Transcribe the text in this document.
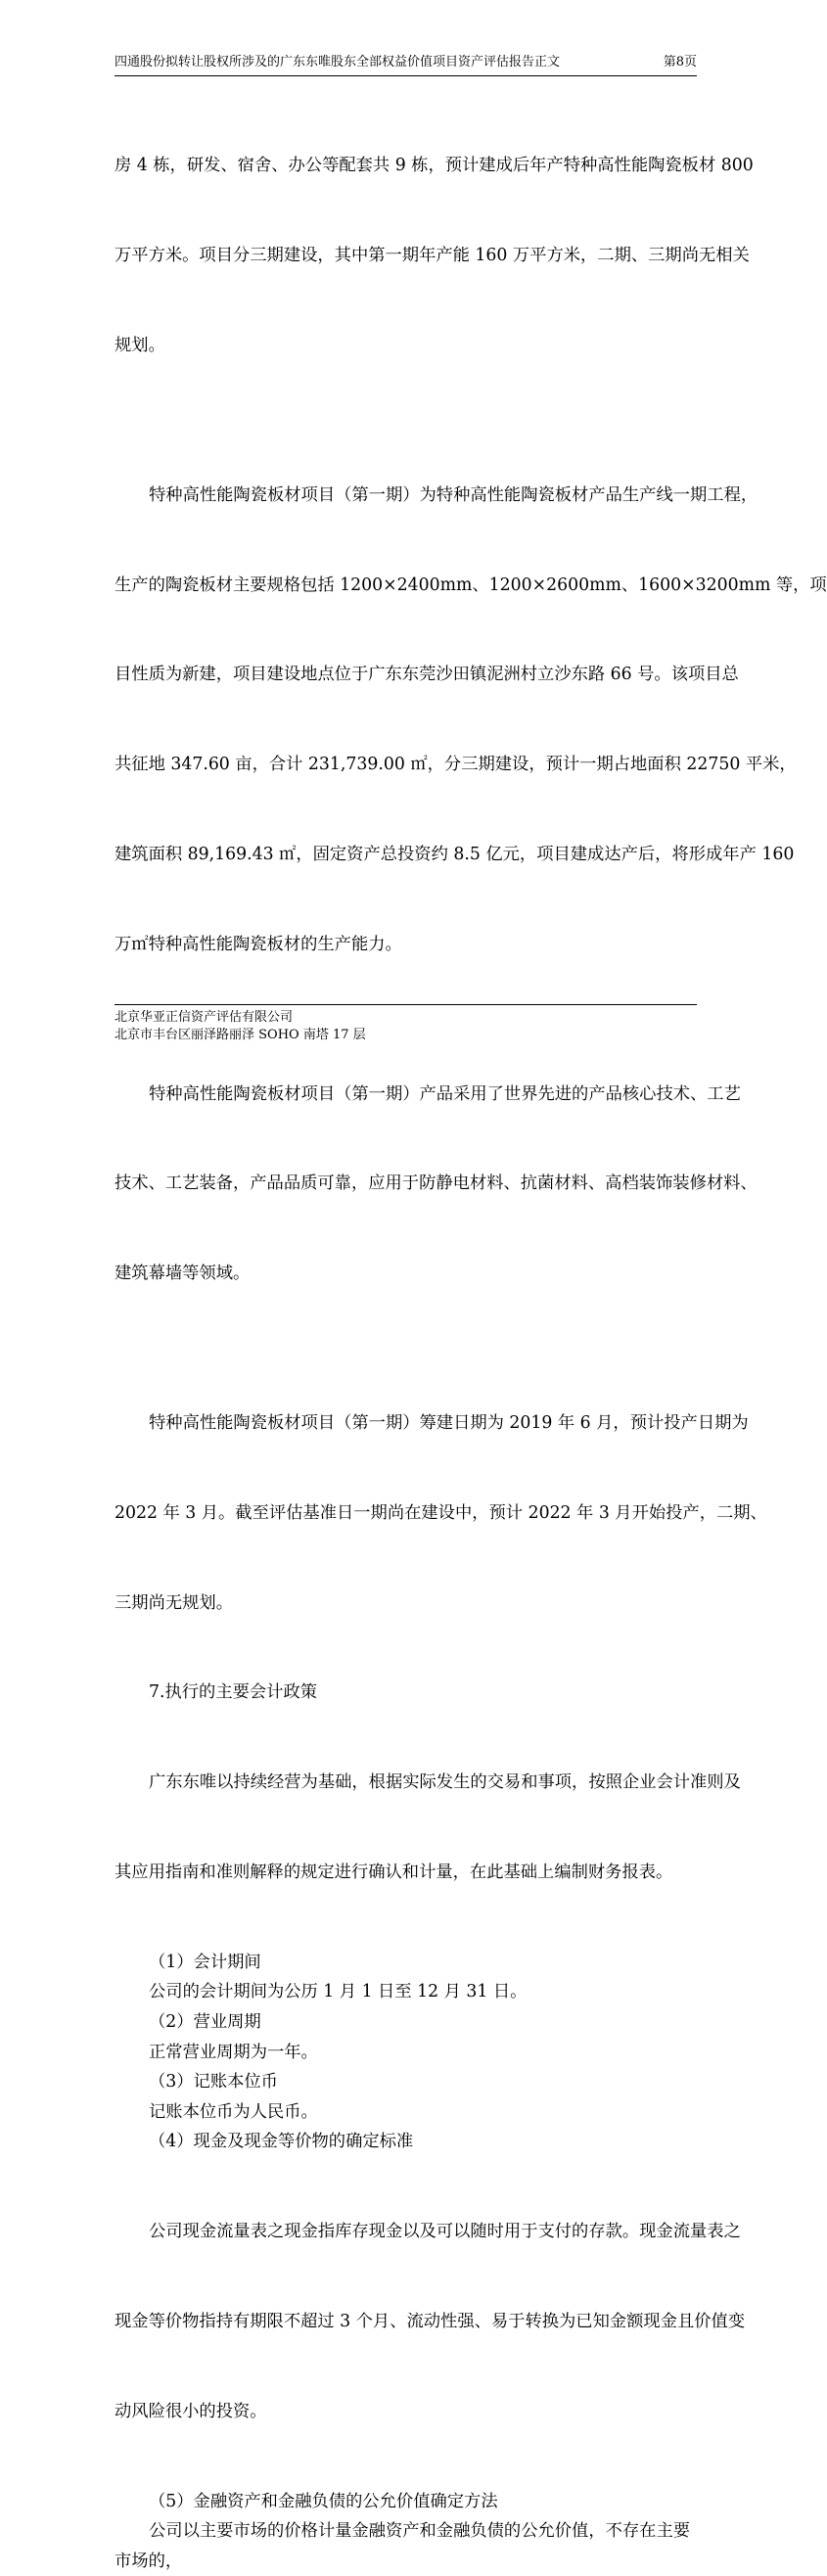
四通股份拟转让股权所涉及的广东东唯股东全部权益价值项目资产评估报告正文	第8页

房 4 栋，研发、宿舍、办公等配套共 9 栋，预计建成后年产特种高性能陶瓷板材 800

万平方米。项目分三期建设，其中第一期年产能 160 万平方米，二期、三期尚无相关

规划。

特种高性能陶瓷板材项目（第一期）为特种高性能陶瓷板材产品生产线一期工程，

生产的陶瓷板材主要规格包括 1200×2400mm、1200×2600mm、1600×3200mm 等，项

目性质为新建，项目建设地点位于广东东莞沙田镇泥洲村立沙东路 66 号。该项目总

共征地 347.60 亩，合计 231,739.00 ㎡，分三期建设，预计一期占地面积 22750 平米，

建筑面积 89,169.43 ㎡，固定资产总投资约 8.5 亿元，项目建成达产后，将形成年产 160

万㎡特种高性能陶瓷板材的生产能力。

特种高性能陶瓷板材项目（第一期）产品采用了世界先进的产品核心技术、工艺

技术、工艺装备，产品品质可靠，应用于防静电材料、抗菌材料、高档装饰装修材料、

建筑幕墙等领域。

特种高性能陶瓷板材项目（第一期）筹建日期为 2019 年 6 月，预计投产日期为

2022 年 3 月。截至评估基准日一期尚在建设中，预计 2022 年 3 月开始投产，二期、

三期尚无规划。

7.执行的主要会计政策

广东东唯以持续经营为基础，根据实际发生的交易和事项，按照企业会计准则及

其应用指南和准则解释的规定进行确认和计量，在此基础上编制财务报表。

（1）会计期间

公司的会计期间为公历 1 月 1 日至 12 月 31 日。

（2）营业周期

正常营业周期为一年。

（3）记账本位币

记账本位币为人民币。

（4）现金及现金等价物的确定标准

公司现金流量表之现金指库存现金以及可以随时用于支付的存款。现金流量表之

现金等价物指持有期限不超过 3 个月、流动性强、易于转换为已知金额现金且价值变

动风险很小的投资。

（5）金融资产和金融负债的公允价值确定方法

公司以主要市场的价格计量金融资产和金融负债的公允价值，不存在主要市场的，

北京华亚正信资产评估有限公司
北京市丰台区丽泽路丽泽 SOHO 南塔 17 层
